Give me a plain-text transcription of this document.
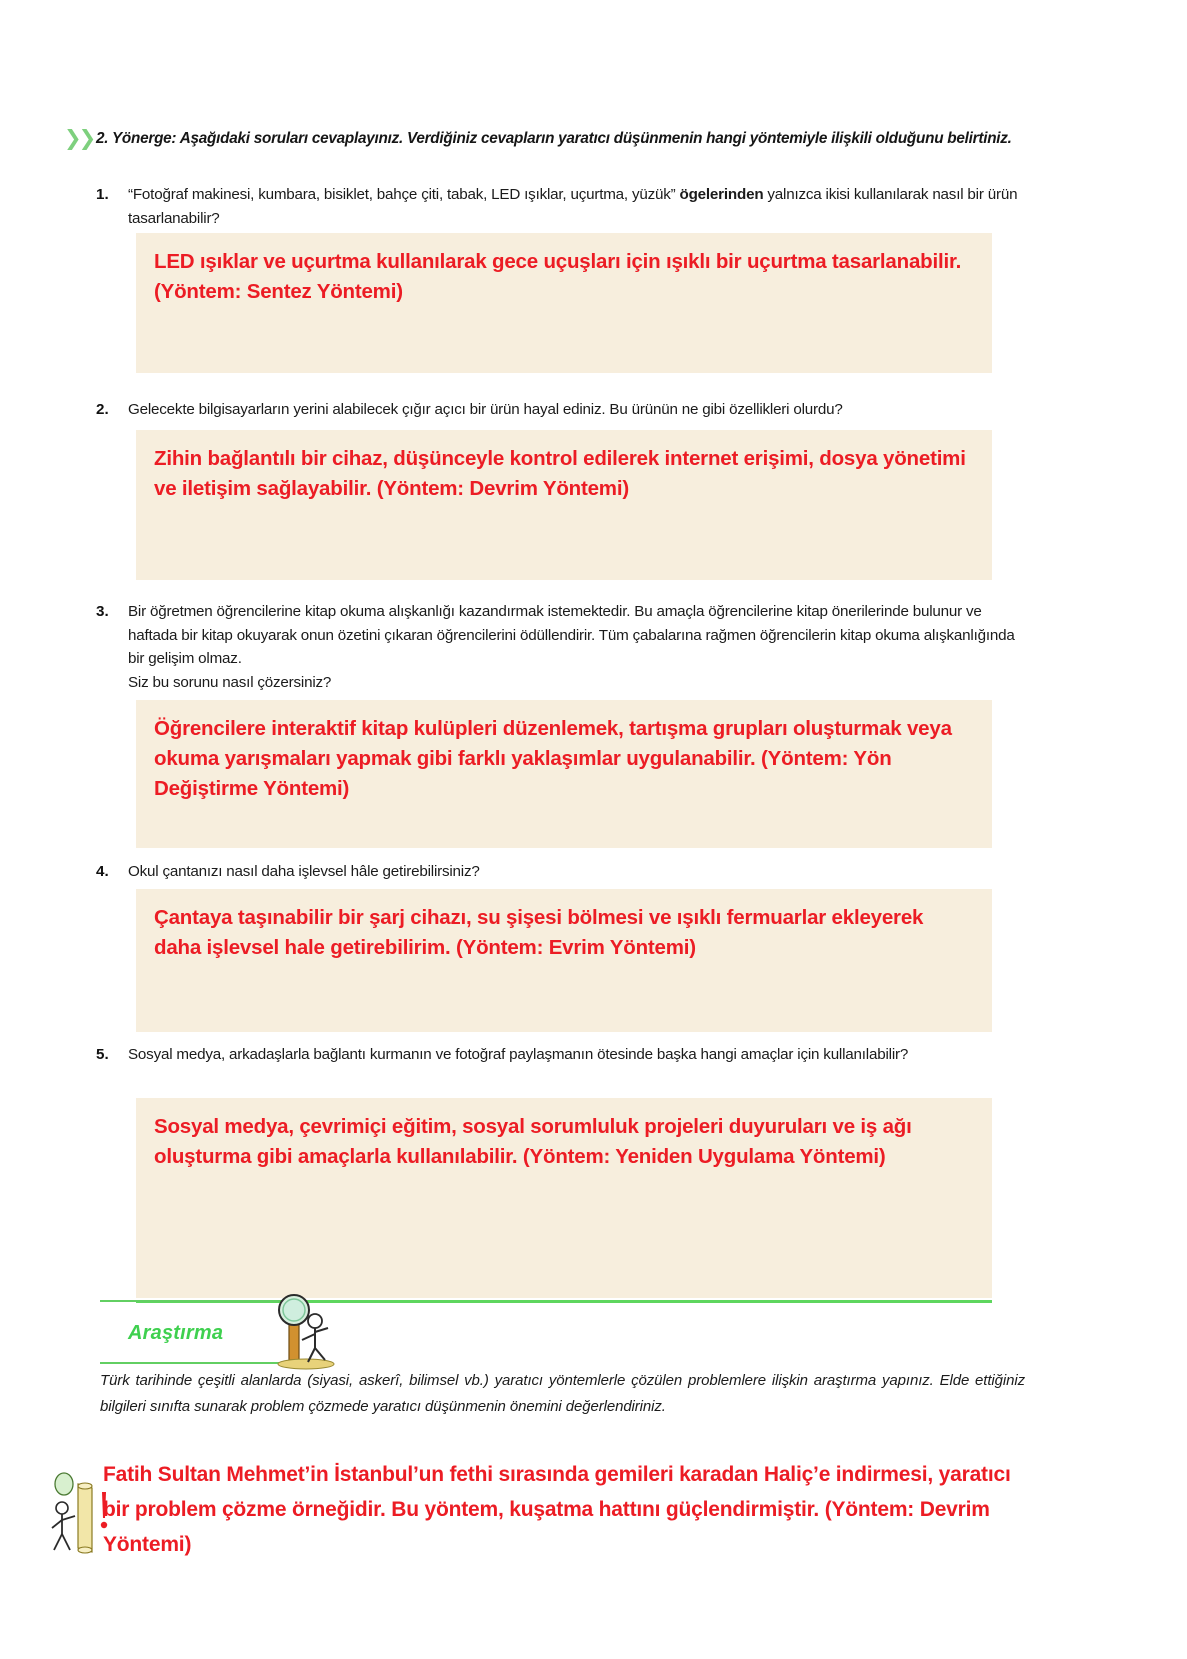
❯❯ 2. Yönerge: Aşağıdaki soruları cevaplayınız. Verdiğiniz cevapların yaratıcı düşünmenin hangi yöntemiyle ilişkili olduğunu belirtiniz.
1.	“Fotoğraf makinesi, kumbara, bisiklet, bahçe çiti, tabak, LED ışıklar, uçurtma, yüzük” ögelerinden yalnızca ikisi kullanılarak nasıl bir ürün tasarlanabilir?
LED ışıklar ve uçurtma kullanılarak gece uçuşları için ışıklı bir uçurtma tasarlanabilir. (Yöntem: Sentez Yöntemi)
2.	Gelecekte bilgisayarların yerini alabilecek çığır açıcı bir ürün hayal ediniz. Bu ürünün ne gibi özellikleri olurdu?
Zihin bağlantılı bir cihaz, düşünceyle kontrol edilerek internet erişimi, dosya yönetimi ve iletişim sağlayabilir. (Yöntem: Devrim Yöntemi)
3.	Bir öğretmen öğrencilerine kitap okuma alışkanlığı kazandırmak istemektedir. Bu amaçla öğrencilerine kitap önerilerinde bulunur ve haftada bir kitap okuyarak onun özetini çıkaran öğrencilerini ödüllendirir. Tüm çabalarına rağmen öğrencilerin kitap okuma alışkanlığında bir gelişim olmaz.
Siz bu sorunu nasıl çözersiniz?
Öğrencilere interaktif kitap kulüpleri düzenlemek, tartışma grupları oluşturmak veya okuma yarışmaları yapmak gibi farklı yaklaşımlar uygulanabilir. (Yöntem: Yön Değiştirme Yöntemi)
4.	Okul çantanızı nasıl daha işlevsel hâle getirebilirsiniz?
Çantaya taşınabilir bir şarj cihazı, su şişesi bölmesi ve ışıklı fermuarlar ekleyerek daha işlevsel hale getirebilirim. (Yöntem: Evrim Yöntemi)
5.	Sosyal medya, arkadaşlarla bağlantı kurmanın ve fotoğraf paylaşmanın ötesinde başka hangi amaçlar için kullanılabilir?
Sosyal medya, çevrimiçi eğitim, sosyal sorumluluk projeleri duyuruları ve iş ağı oluşturma gibi amaçlarla kullanılabilir. (Yöntem: Yeniden Uygulama Yöntemi)
Araştırma
Türk tarihinde çeşitli alanlarda (siyasi, askerî, bilimsel vb.) yaratıcı yöntemlerle çözülen problemlere ilişkin araştırma yapınız. Elde ettiğiniz bilgileri sınıfta sunarak problem çözmede yaratıcı düşünmenin önemini değerlendiriniz.
Fatih Sultan Mehmet’in İstanbul’un fethi sırasında gemileri karadan Haliç’e indirmesi, yaratıcı bir problem çözme örneğidir. Bu yöntem, kuşatma hattını güçlendirmiştir. (Yöntem: Devrim Yöntemi)
